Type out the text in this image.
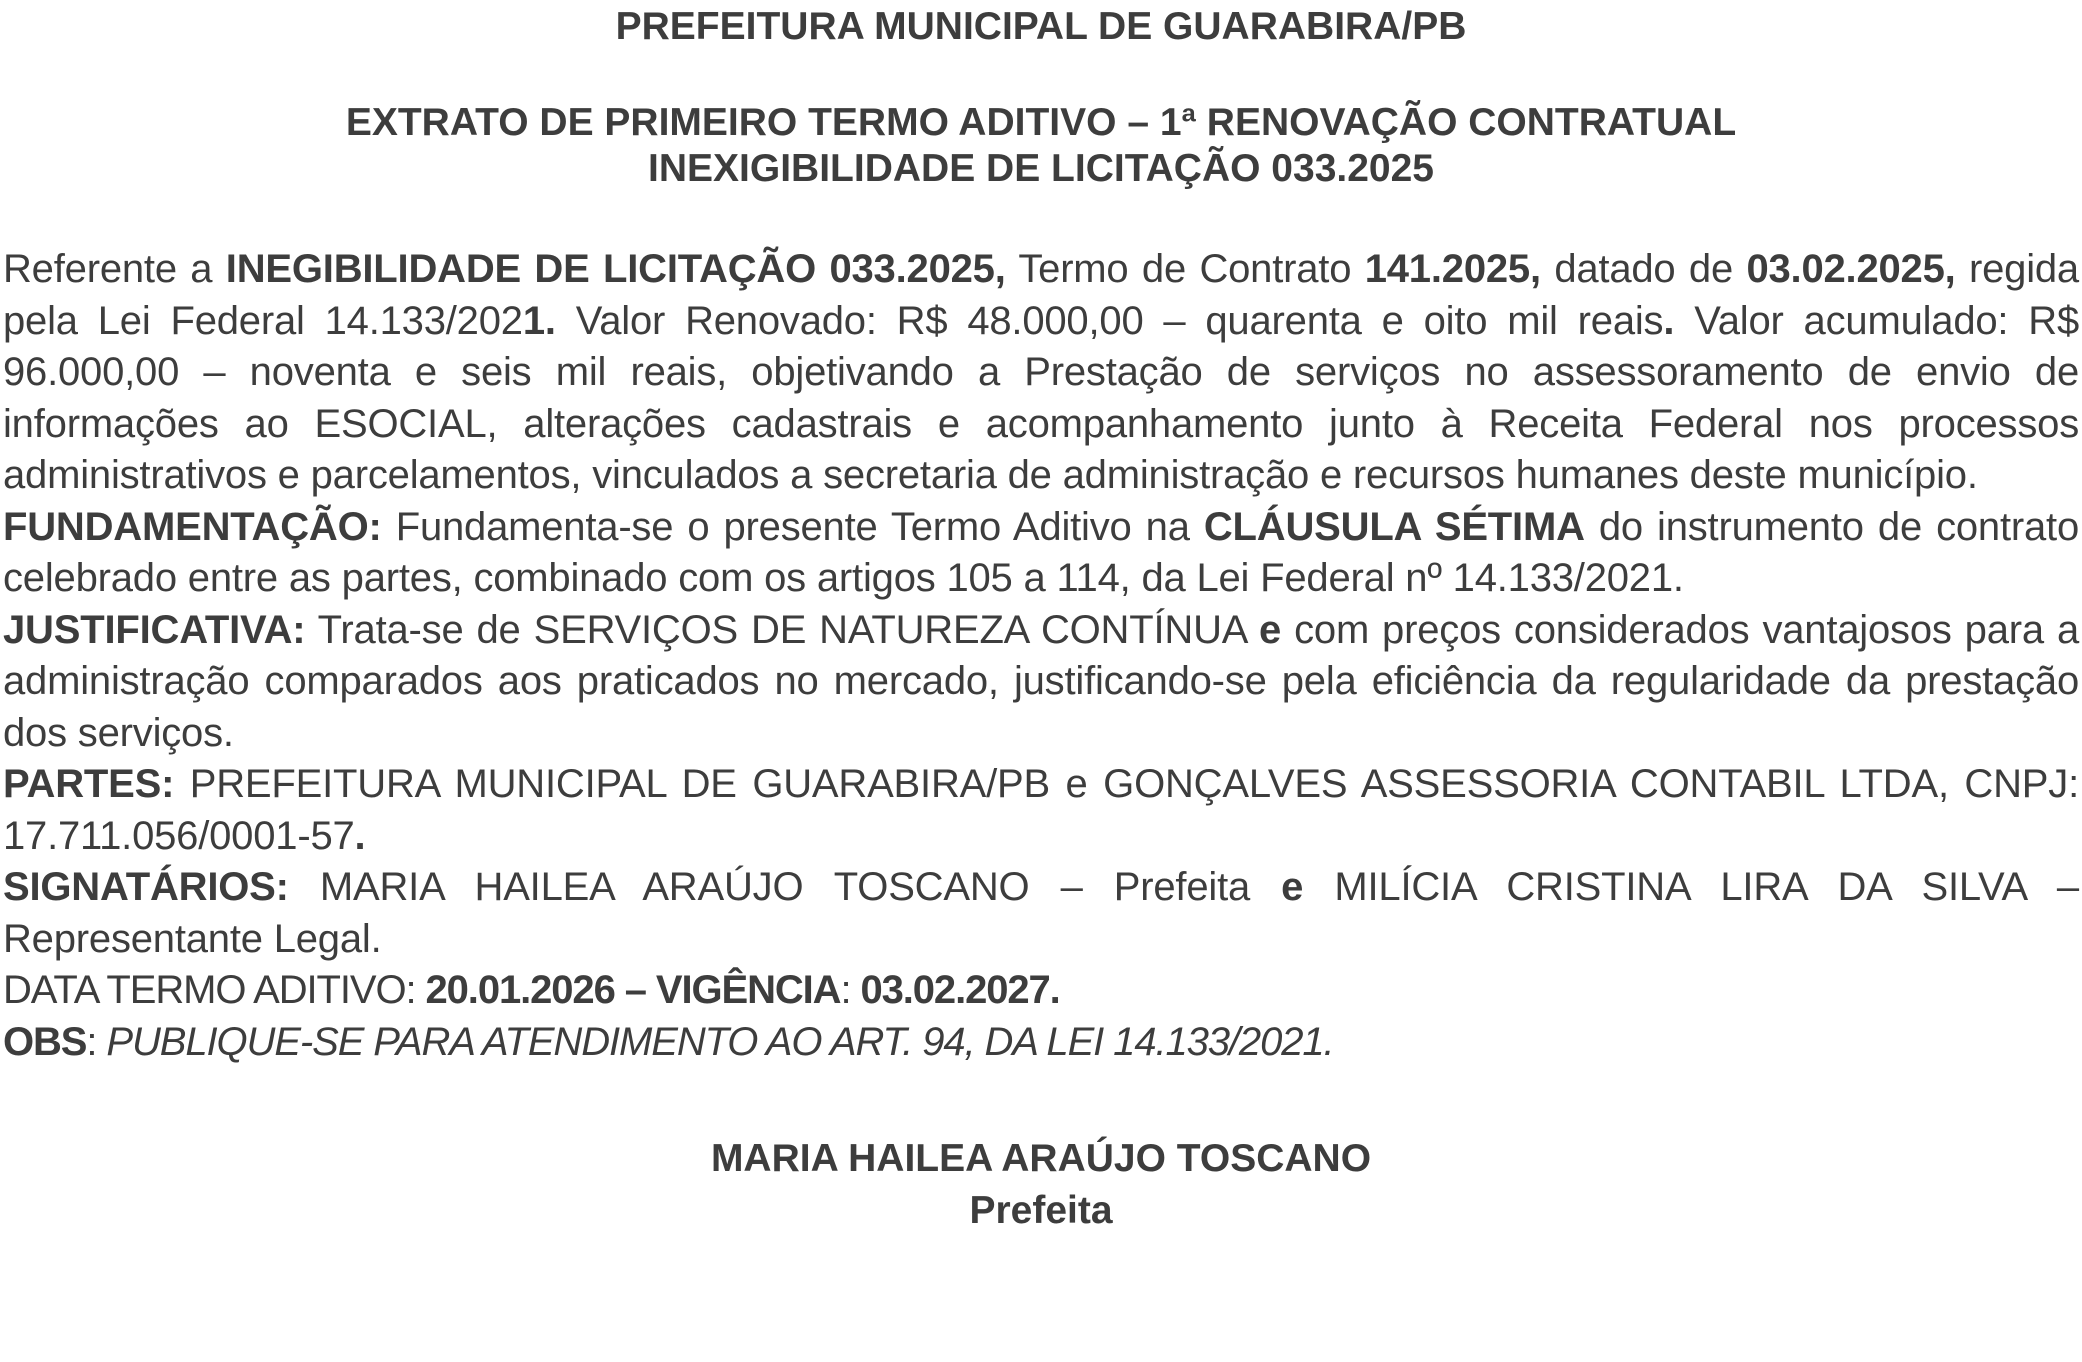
PREFEITURA MUNICIPAL DE GUARABIRA/PB

EXTRATO DE PRIMEIRO TERMO ADITIVO – 1ª RENOVAÇÃO CONTRATUAL

INEXIGIBILIDADE DE LICITAÇÃO 033.2025

Referente a INEGIBILIDADE DE LICITAÇÃO 033.2025, Termo de Contrato 141.2025, datado de 03.02.2025, regida pela Lei Federal 14.133/2021. Valor Renovado: R$ 48.000,00 – quarenta e oito mil reais. Valor acumulado: R$ 96.000,00 – noventa e seis mil reais, objetivando a Prestação de serviços no assessoramento de envio de informações ao ESOCIAL, alterações cadastrais e acompanhamento junto à Receita Federal nos processos administrativos e parcelamentos, vinculados a secretaria de administração e recursos humanes deste município.

FUNDAMENTAÇÃO: Fundamenta-se o presente Termo Aditivo na CLÁUSULA SÉTIMA do instrumento de contrato celebrado entre as partes, combinado com os artigos 105 a 114, da Lei Federal nº 14.133/2021.

JUSTIFICATIVA: Trata-se de SERVIÇOS DE NATUREZA CONTÍNUA e com preços considerados vantajosos para a administração comparados aos praticados no mercado, justificando-se pela eficiência da regularidade da prestação dos serviços.

PARTES: PREFEITURA MUNICIPAL DE GUARABIRA/PB e GONÇALVES ASSESSORIA CONTABIL LTDA, CNPJ: 17.711.056/0001-57.

SIGNATÁRIOS: MARIA HAILEA ARAÚJO TOSCANO – Prefeita e MILÍCIA CRISTINA LIRA DA SILVA – Representante Legal.

DATA TERMO ADITIVO: 20.01.2026 – VIGÊNCIA: 03.02.2027.

OBS: PUBLIQUE-SE PARA ATENDIMENTO AO ART. 94, DA LEI 14.133/2021.

MARIA HAILEA ARAÚJO TOSCANO

Prefeita
